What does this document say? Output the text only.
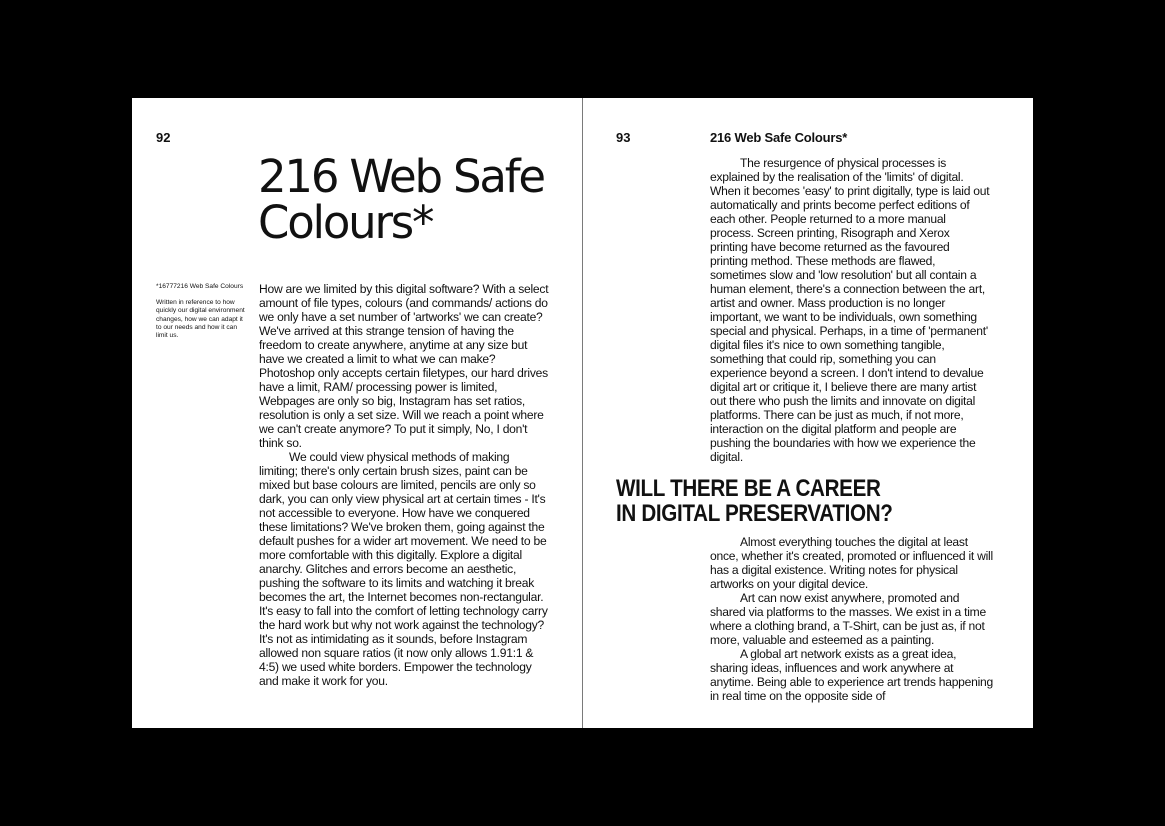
92
216 Web Safe Colours*
*16777216 Web Safe Colours
Written in reference to how quickly our digital environment changes, how we can adapt it to our needs and how it can limit us.

How are we limited by this digital software? With a select amount of file types, colours (and commands/ actions do we only have a set number of 'artworks' we can create? We've arrived at this strange tension of having the freedom to create anywhere, anytime at any size but have we created a limit to what we can make? Photoshop only accepts certain filetypes, our hard drives have a limit, RAM/ processing power is limited, Webpages are only so big, Instagram has set ratios, resolution is only a set size. Will we reach a point where we can't create anymore? To put it simply, No, I don't think so.

We could view physical methods of making limiting; there's only certain brush sizes, paint can be mixed but base colours are limited, pencils are only so dark, you can only view physical art at certain times - It's not accessible to everyone. How have we conquered these limitations? We've broken them, going against the default pushes for a wider art movement. We need to be more comfortable with this digitally. Explore a digital anarchy. Glitches and errors become an aesthetic, pushing the software to its limits and watching it break becomes the art, the Internet becomes non-rectangular. It's easy to fall into the comfort of letting technology carry the hard work but why not work against the technology? It's not as intimidating as it sounds, before Instagram allowed non square ratios (it now only allows 1.91:1 & 4:5) we used white borders. Empower the technology and make it work for you.

93	216 Web Safe Colours*

The resurgence of physical processes is explained by the realisation of the 'limits' of digital. When it becomes 'easy' to print digitally, type is laid out automatically and prints become perfect editions of each other. People returned to a more manual process. Screen printing, Risograph and Xerox printing have become returned as the favoured printing method. These methods are flawed, sometimes slow and 'low resolution' but all contain a human element, there's a connection between the art, artist and owner. Mass production is no longer important, we want to be individuals, own something special and physical. Perhaps, in a time of 'permanent' digital files it's nice to own something tangible, something that could rip, something you can experience beyond a screen. I don't intend to devalue digital art or critique it, I believe there are many artist out there who push the limits and innovate on digital platforms. There can be just as much, if not more, interaction on the digital platform and people are pushing the boundaries with how we experience the digital.

WILL THERE BE A CAREER
IN DIGITAL PRESERVATION?

Almost everything touches the digital at least once, whether it's created, promoted or influenced it will has a digital existence. Writing notes for physical artworks on your digital device.

Art can now exist anywhere, promoted and shared via platforms to the masses. We exist in a time where a clothing brand, a T-Shirt, can be just as, if not more, valuable and esteemed as a painting.

A global art network exists as a great idea, sharing ideas, influences and work anywhere at anytime. Being able to experience art trends happening in real time on the opposite side of
